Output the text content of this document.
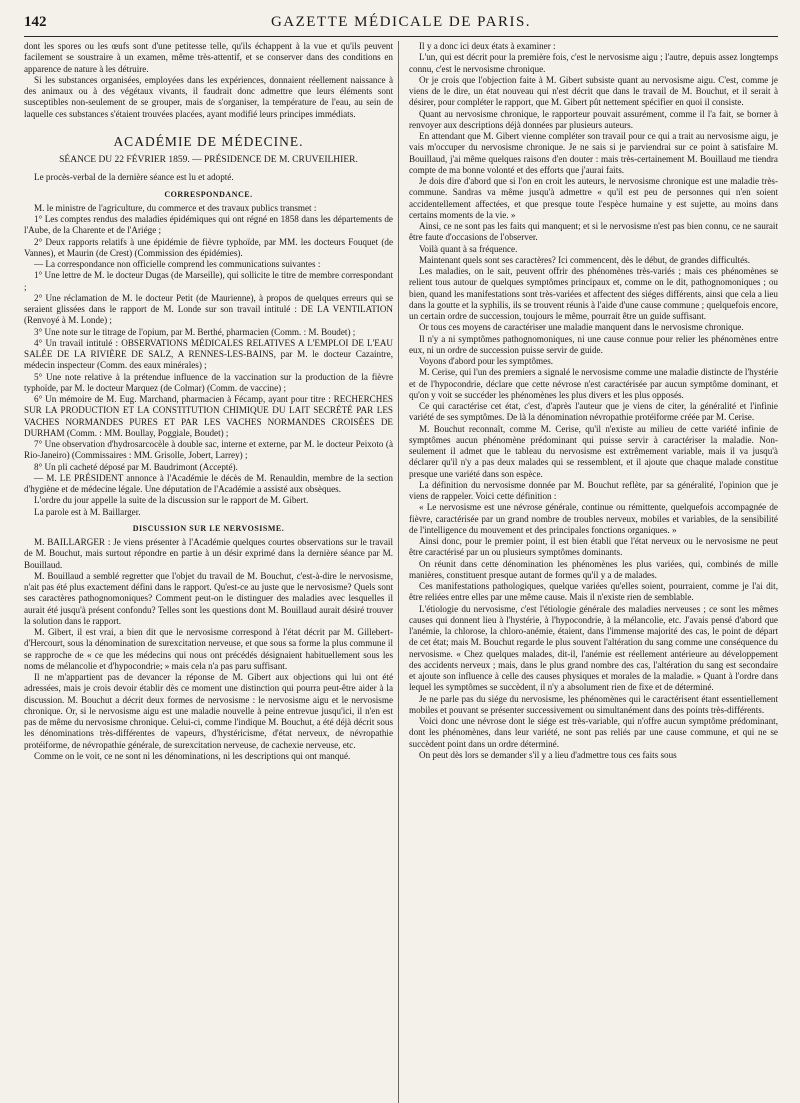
142	GAZETTE MÉDICALE DE PARIS.

dont les spores ou les œufs sont d'une petitesse telle, qu'ils échappent à la vue et qu'ils peuvent facilement se soustraire à un examen, même très-attentif, et se conserver dans des conditions en apparence de nature à les détruire.

Si les substances organisées, employées dans les expériences, donnaient réellement naissance à des animaux ou à des végétaux vivants, il faudrait donc admettre que leurs éléments sont susceptibles non-seulement de se grouper, mais de s'organiser, la température de l'eau, au sein de laquelle ces substances s'étaient trouvées placées, ayant modifié leurs principes immédiats.

ACADÉMIE DE MÉDECINE.
SÉANCE DU 22 FÉVRIER 1859. — PRÉSIDENCE DE M. CRUVEILHIER.

Le procès-verbal de la dernière séance est lu et adopté.

CORRESPONDANCE.

M. le ministre de l'agriculture, du commerce et des travaux publics transmet :

1° Les comptes rendus des maladies épidémiques qui ont régné en 1858 dans les départements de l'Aube, de la Charente et de l'Ariége ;

2° Deux rapports relatifs à une épidémie de fièvre typhoïde, par MM. les docteurs Fouquet (de Vannes), et Maurin (de Crest) (Commission des épidémies).

— La correspondance non officielle comprend les communications suivantes :

1° Une lettre de M. le docteur Dugas (de Marseille), qui sollicite le titre de membre correspondant ;

2° Une réclamation de M. le docteur Petit (de Maurienne), à propos de quelques erreurs qui se seraient glissées dans le rapport de M. Londe sur son travail intitulé : DE LA VENTILATION (Renvoyé à M. Londe) ;

3° Une note sur le titrage de l'opium, par M. Berthé, pharmacien (Comm. : M. Boudet) ;

4° Un travail intitulé : OBSERVATIONS MÉDICALES RELATIVES A L'EMPLOI DE L'EAU SALÉE DE LA RIVIÈRE DE SALZ, A RENNES-LES-BAINS, par M. le docteur Cazaintre, médecin inspecteur (Comm. des eaux minérales) ;

5° Une note relative à la prétendue influence de la vaccination sur la production de la fièvre typhoïde, par M. le docteur Marquez (de Colmar) (Comm. de vaccine) ;

6° Un mémoire de M. Eug. Marchand, pharmacien à Fécamp, ayant pour titre : RECHERCHES SUR LA PRODUCTION ET LA CONSTITUTION CHIMIQUE DU LAIT SECRÉTÉ PAR LES VACHES NORMANDES PURES ET PAR LES VACHES NORMANDES CROISÉES DE DURHAM (Comm. : MM. Boullay, Poggiale, Boudet) ;

7° Une observation d'hydrosarcocèle à double sac, interne et externe, par M. le docteur Peixoto (à Rio-Janeiro) (Commissaires : MM. Grisolle, Jobert, Larrey) ;

8° Un pli cacheté déposé par M. Baudrimont (Accepté).

— M. LE PRÉSIDENT annonce à l'Académie le décès de M. Renauldin, membre de la section d'hygiène et de médecine légale. Une députation de l'Académie a assisté aux obsèques.

L'ordre du jour appelle la suite de la discussion sur le rapport de M. Gibert.

La parole est à M. Baillarger.

DISCUSSION SUR LE NERVOSISME.

M. BAILLARGER : Je viens présenter à l'Académie quelques courtes observations sur le travail de M. Bouchut, mais surtout répondre en partie à un désir exprimé dans la dernière séance par M. Bouillaud.

M. Bouillaud a semblé regretter que l'objet du travail de M. Bouchut, c'est-à-dire le nervosisme, n'ait pas été plus exactement défini dans le rapport. Qu'est-ce au juste que le nervosisme? Quels sont ses caractères pathognomoniques? Comment peut-on le distinguer des maladies avec lesquelles il aurait été jusqu'à présent confondu? Telles sont les questions dont M. Bouillaud aurait désiré trouver la solution dans le rapport.

M. Gibert, il est vrai, a bien dit que le nervosisme correspond à l'état décrit par M. Gillebert-d'Hercourt, sous la dénomination de surexcitation nerveuse, et que sous sa forme la plus commune il se rapproche de « ce que les médecins qui nous ont précédés désignaient habituellement sous les noms de mélancolie et d'hypocondrie; » mais cela n'a pas paru suffisant.

Il ne m'appartient pas de devancer la réponse de M. Gibert aux objections qui lui ont été adressées, mais je crois devoir établir dès ce moment une distinction qui pourra peut-être aider à la discussion. M. Bouchut a décrit deux formes de nervosisme : le nervosisme aigu et le nervosisme chronique. Or, si le nervosisme aigu est une maladie nouvelle à peine entrevue jusqu'ici, il n'en est pas de même du nervosisme chronique. Celui-ci, comme l'indique M. Bouchut, a été déjà décrit sous les dénominations très-différentes de vapeurs, d'hystéricisme, d'état nerveux, de névropathie protéiforme, de névropathie générale, de surexcitation nerveuse, de cachexie nerveuse, etc.

Comme on le voit, ce ne sont ni les dénominations, ni les descriptions qui ont manqué.

Il y a donc ici deux états à examiner :

L'un, qui est décrit pour la première fois, c'est le nervosisme aigu ; l'autre, depuis assez longtemps connu, c'est le nervosisme chronique.

Or je crois que l'objection faite à M. Gibert subsiste quant au nervosisme aigu. C'est, comme je viens de le dire, un état nouveau qui n'est décrit que dans le travail de M. Bouchut, et il serait à désirer, pour compléter le rapport, que M. Gibert pût nettement spécifier en quoi il consiste.

Quant au nervosisme chronique, le rapporteur pouvait assurément, comme il l'a fait, se borner à renvoyer aux descriptions déjà données par plusieurs auteurs.

En attendant que M. Gibert vienne compléter son travail pour ce qui a trait au nervosisme aigu, je vais m'occuper du nervosisme chronique. Je ne sais si je parviendrai sur ce point à satisfaire M. Bouillaud, j'ai même quelques raisons d'en douter : mais très-certainement M. Bouillaud me tiendra compte de ma bonne volonté et des efforts que j'aurai faits.

Je dois dire d'abord que si l'on en croit les auteurs, le nervosisme chronique est une maladie très-commune. Sandras va même jusqu'à admettre « qu'il est peu de personnes qui n'en soient accidentellement affectées, et que presque toute l'espèce humaine y est sujette, au moins dans certains moments de la vie. »

Ainsi, ce ne sont pas les faits qui manquent; et si le nervosisme n'est pas bien connu, ce ne saurait être faute d'occasions de l'observer.

Voilà quant à sa fréquence.

Maintenant quels sont ses caractères? Ici commencent, dès le début, de grandes difficultés.

Les maladies, on le sait, peuvent offrir des phénomènes très-variés ; mais ces phénomènes se relient tous autour de quelques symptômes principaux et, comme on le dit, pathognomoniques ; ou bien, quand les manifestations sont très-variées et affectent des siéges différents, ainsi que cela a lieu dans la goutte et la syphilis, ils se trouvent réunis à l'aide d'une cause commune ; quelquefois encore, un certain ordre de succession, toujours le même, pourrait être un guide suffisant.

Or tous ces moyens de caractériser une maladie manquent dans le nervosisme chronique.

Il n'y a ni symptômes pathognomoniques, ni une cause connue pour relier les phénomènes entre eux, ni un ordre de succession puisse servir de guide.

Voyons d'abord pour les symptômes.

M. Cerise, qui l'un des premiers a signalé le nervosisme comme une maladie distincte de l'hystérie et de l'hypocondrie, déclare que cette névrose n'est caractérisée par aucun symptôme dominant, et qu'on y voit se succéder les phénomènes les plus divers et les plus opposés.

Ce qui caractérise cet état, c'est, d'après l'auteur que je viens de citer, la généralité et l'infinie variété de ses symptômes. De là la dénomination névropathie protéiforme créée par M. Cerise.

M. Bouchut reconnaît, comme M. Cerise, qu'il n'existe au milieu de cette variété infinie de symptômes aucun phénomène prédominant qui puisse servir à caractériser la maladie. Non-seulement il admet que le tableau du nervosisme est extrêmement variable, mais il va jusqu'à déclarer qu'il n'y a pas deux malades qui se ressemblent, et il ajoute que chaque malade constitue presque une variété dans son espèce.

La définition du nervosisme donnée par M. Bouchut reflète, par sa généralité, l'opinion que je viens de rappeler. Voici cette définition :

« Le nervosisme est une névrose générale, continue ou rémittente, quelquefois accompagnée de fièvre, caractérisée par un grand nombre de troubles nerveux, mobiles et variables, de la sensibilité de l'intelligence du mouvement et des principales fonctions organiques. »

Ainsi donc, pour le premier point, il est bien établi que l'état nerveux ou le nervosisme ne peut être caractérisé par un ou plusieurs symptômes dominants.

On réunit dans cette dénomination les phénomènes les plus variées, qui, combinés de mille manières, constituent presque autant de formes qu'il y a de malades.

Ces manifestations pathologiques, quelque variées qu'elles soient, pourraient, comme je l'ai dit, être reliées entre elles par une même cause. Mais il n'existe rien de semblable.

L'étiologie du nervosisme, c'est l'étiologie générale des maladies nerveuses ; ce sont les mêmes causes qui donnent lieu à l'hystérie, à l'hypocondrie, à la mélancolie, etc. J'avais pensé d'abord que l'anémie, la chlorose, la chloro-anémie, étaient, dans l'immense majorité des cas, le point de départ de cet état; mais M. Bouchut regarde le plus souvent l'altération du sang comme une conséquence du nervosisme. « Chez quelques malades, dit-il, l'anémie est réellement antérieure au développement des accidents nerveux ; mais, dans le plus grand nombre des cas, l'altération du sang est secondaire et ajoute son influence à celle des causes physiques et morales de la maladie. » Quant à l'ordre dans lequel les symptômes se succèdent, il n'y a absolument rien de fixe et de déterminé.

Je ne parle pas du siége du nervosisme, les phénomènes qui le caractérisent étant essentiellement mobiles et pouvant se présenter successivement ou simultanément dans des points très-différents.

Voici donc une névrose dont le siége est très-variable, qui n'offre aucun symptôme prédominant, dont les phénomènes, dans leur variété, ne sont pas reliés par une cause commune, et qui ne se succèdent point dans un ordre déterminé.

On peut dès lors se demander s'il y a lieu d'admettre tous ces faits sous
